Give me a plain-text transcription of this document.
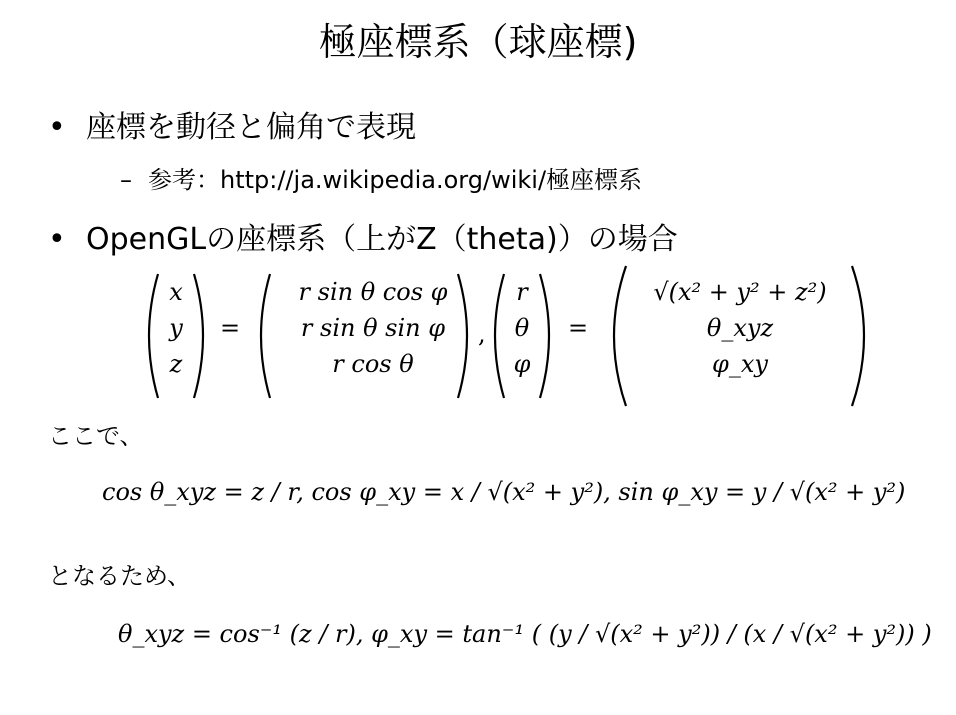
極座標系（球座標)
• 座標を動径と偏角で表現
– 参考：http://ja.wikipedia.org/wiki/極座標系
• OpenGLの座標系（上がZ（theta)）の場合
x
y
z
=
r sin θ cos φ
r sin θ sin φ
r cos θ
,
r
θ
φ
=
√(x² + y² + z²)
θ_xyz
φ_xy
ここで、
cos θ_xyz = z / r, cos φ_xy = x / √(x² + y²), sin φ_xy = y / √(x² + y²)
となるため、
θ_xyz = cos⁻¹ (z / r), φ_xy = tan⁻¹ ( (y / √(x² + y²)) / (x / √(x² + y²)) )
